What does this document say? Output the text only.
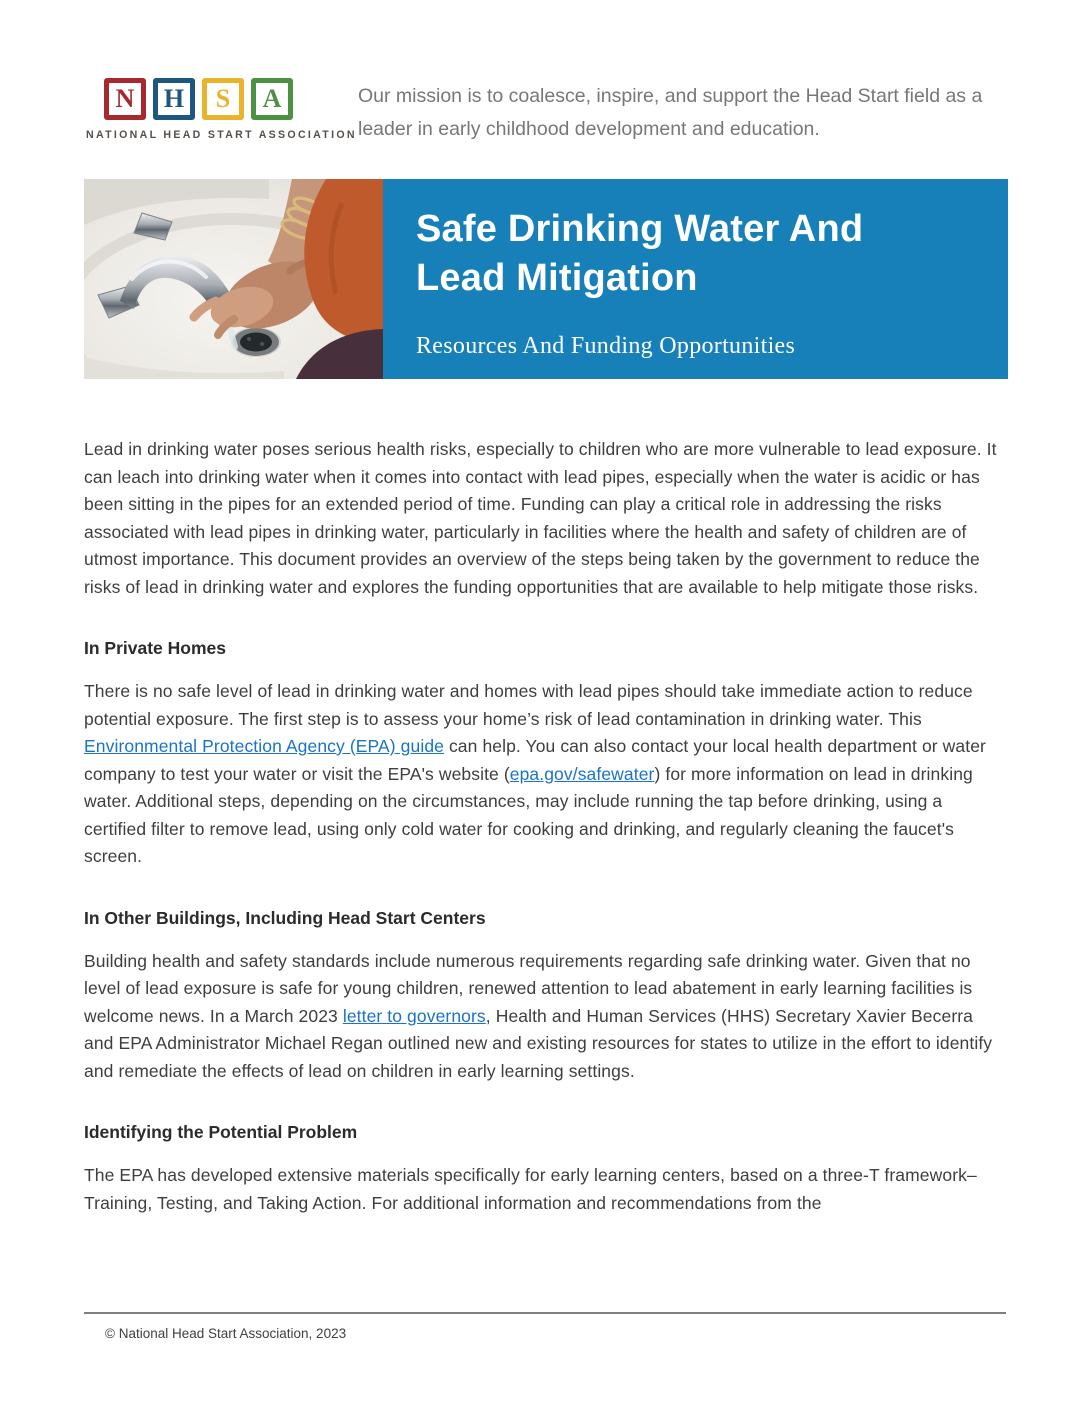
N	H	S	A
NATIONAL HEAD START ASSOCIATION
Our mission is to coalesce, inspire, and support the Head Start field as a leader in early childhood development and education.
Safe Drinking Water And
Lead Mitigation
Resources And Funding Opportunities

Lead in drinking water poses serious health risks, especially to children who are more vulnerable to lead exposure. It can leach into drinking water when it comes into contact with lead pipes, especially when the water is acidic or has been sitting in the pipes for an extended period of time. Funding can play a critical role in addressing the risks associated with lead pipes in drinking water, particularly in facilities where the health and safety of children are of utmost importance. This document provides an overview of the steps being taken by the government to reduce the risks of lead in drinking water and explores the funding opportunities that are available to help mitigate those risks.

In Private Homes

There is no safe level of lead in drinking water and homes with lead pipes should take immediate action to reduce potential exposure. The first step is to assess your home’s risk of lead contamination in drinking water. This Environmental Protection Agency (EPA) guide can help. You can also contact your local health department or water company to test your water or visit the EPA's website (epa.gov/safewater) for more information on lead in drinking water. Additional steps, depending on the circumstances, may include running the tap before drinking, using a certified filter to remove lead, using only cold water for cooking and drinking, and regularly cleaning the faucet's screen.

In Other Buildings, Including Head Start Centers

Building health and safety standards include numerous requirements regarding safe drinking water. Given that no level of lead exposure is safe for young children, renewed attention to lead abatement in early learning facilities is welcome news. In a March 2023 letter to governors, Health and Human Services (HHS) Secretary Xavier Becerra and EPA Administrator Michael Regan outlined new and existing resources for states to utilize in the effort to identify and remediate the effects of lead on children in early learning settings.

Identifying the Potential Problem

The EPA has developed extensive materials specifically for early learning centers, based on a three-T framework–Training, Testing, and Taking Action. For additional information and recommendations from the

© National Head Start Association, 2023
